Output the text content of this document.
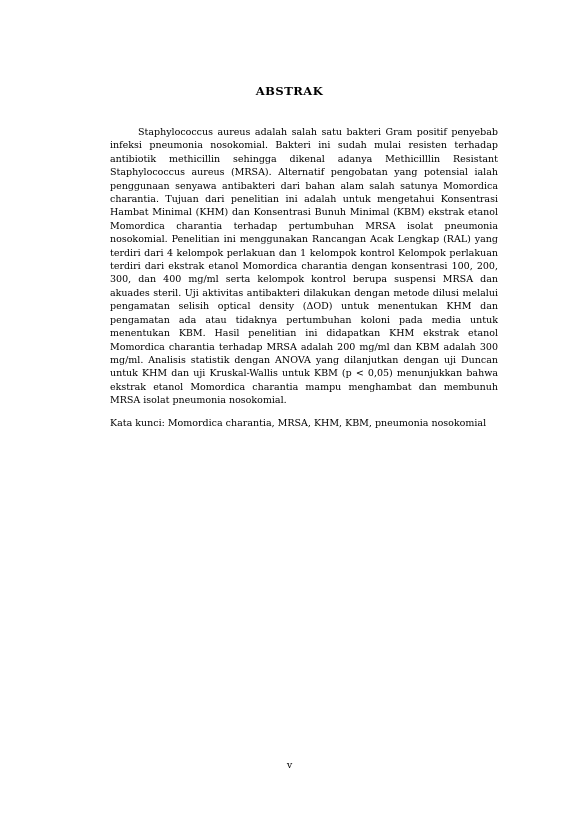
ABSTRAK

Staphylococcus aureus adalah salah satu bakteri Gram positif penyebab infeksi pneumonia nosokomial. Bakteri ini sudah mulai resisten terhadap antibiotik methicillin sehingga dikenal adanya Methicilllin Resistant Staphylococcus aureus (MRSA). Alternatif pengobatan yang potensial ialah penggunaan senyawa antibakteri dari bahan alam salah satunya Momordica charantia. Tujuan dari penelitian ini adalah untuk mengetahui Konsentrasi Hambat Minimal (KHM) dan Konsentrasi Bunuh Minimal (KBM) ekstrak etanol Momordica charantia terhadap pertumbuhan MRSA isolat pneumonia nosokomial. Penelitian ini menggunakan Rancangan Acak Lengkap (RAL) yang terdiri dari 4 kelompok perlakuan dan 1 kelompok kontrol Kelompok perlakuan terdiri dari ekstrak etanol Momordica charantia dengan konsentrasi 100, 200, 300, dan 400 mg/ml serta kelompok kontrol berupa suspensi MRSA dan akuades steril. Uji aktivitas antibakteri dilakukan dengan metode dilusi melalui pengamatan selisih optical density (ΔOD) untuk menentukan KHM dan pengamatan ada atau tidaknya pertumbuhan koloni pada media untuk menentukan KBM. Hasil penelitian ini didapatkan KHM ekstrak etanol Momordica charantia terhadap MRSA adalah 200 mg/ml dan KBM adalah 300 mg/ml. Analisis statistik dengan ANOVA yang dilanjutkan dengan uji Duncan untuk KHM dan uji Kruskal-Wallis untuk KBM (p < 0,05) menunjukkan bahwa ekstrak etanol Momordica charantia mampu menghambat dan membunuh MRSA isolat pneumonia nosokomial.

Kata kunci: Momordica charantia, MRSA, KHM, KBM, pneumonia nosokomial

v
